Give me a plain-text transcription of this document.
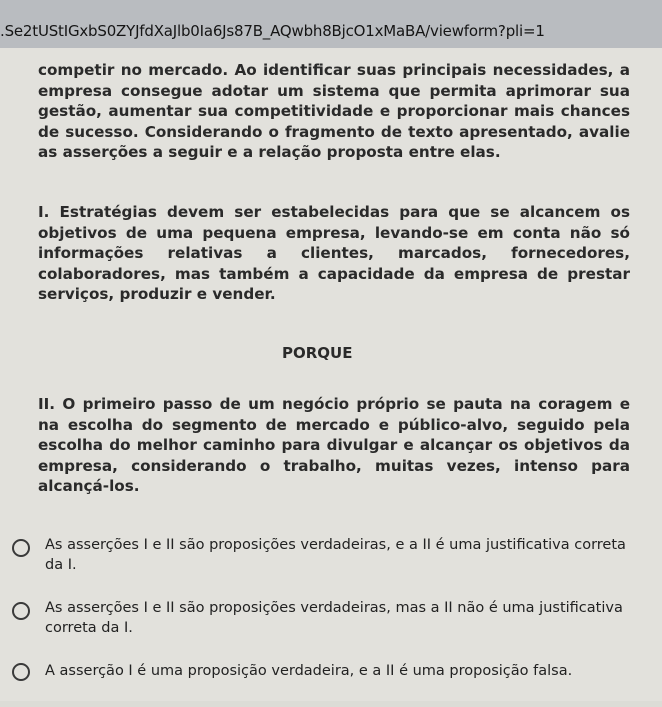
.Se2tUStIGxbS0ZYJfdXaJlb0Ia6Js87B_AQwbh8BjcO1xMaBA/viewform?pli=1
competir no mercado. Ao identificar suas principais necessidades, a empresa consegue adotar um sistema que permita aprimorar sua gestão, aumentar sua competitividade e proporcionar mais chances de sucesso. Considerando o fragmento de texto apresentado, avalie as asserções a seguir e a relação proposta entre elas.
I. Estratégias devem ser estabelecidas para que se alcancem os objetivos de uma pequena empresa, levando-se em conta não só informações relativas a clientes, marcados, fornecedores, colaboradores, mas também a capacidade da empresa de prestar serviços, produzir e vender.
PORQUE
II. O primeiro passo de um negócio próprio se pauta na coragem e na escolha do segmento de mercado e público-alvo, seguido pela escolha do melhor caminho para divulgar e alcançar os objetivos da empresa, considerando o trabalho, muitas vezes, intenso para alcançá-los.
As asserções I e II são proposições verdadeiras, e a II é uma justificativa correta da I.
As asserções I e II são proposições verdadeiras, mas a II não é uma justificativa correta da I.
A asserção I é uma proposição verdadeira, e a II é uma proposição falsa.
